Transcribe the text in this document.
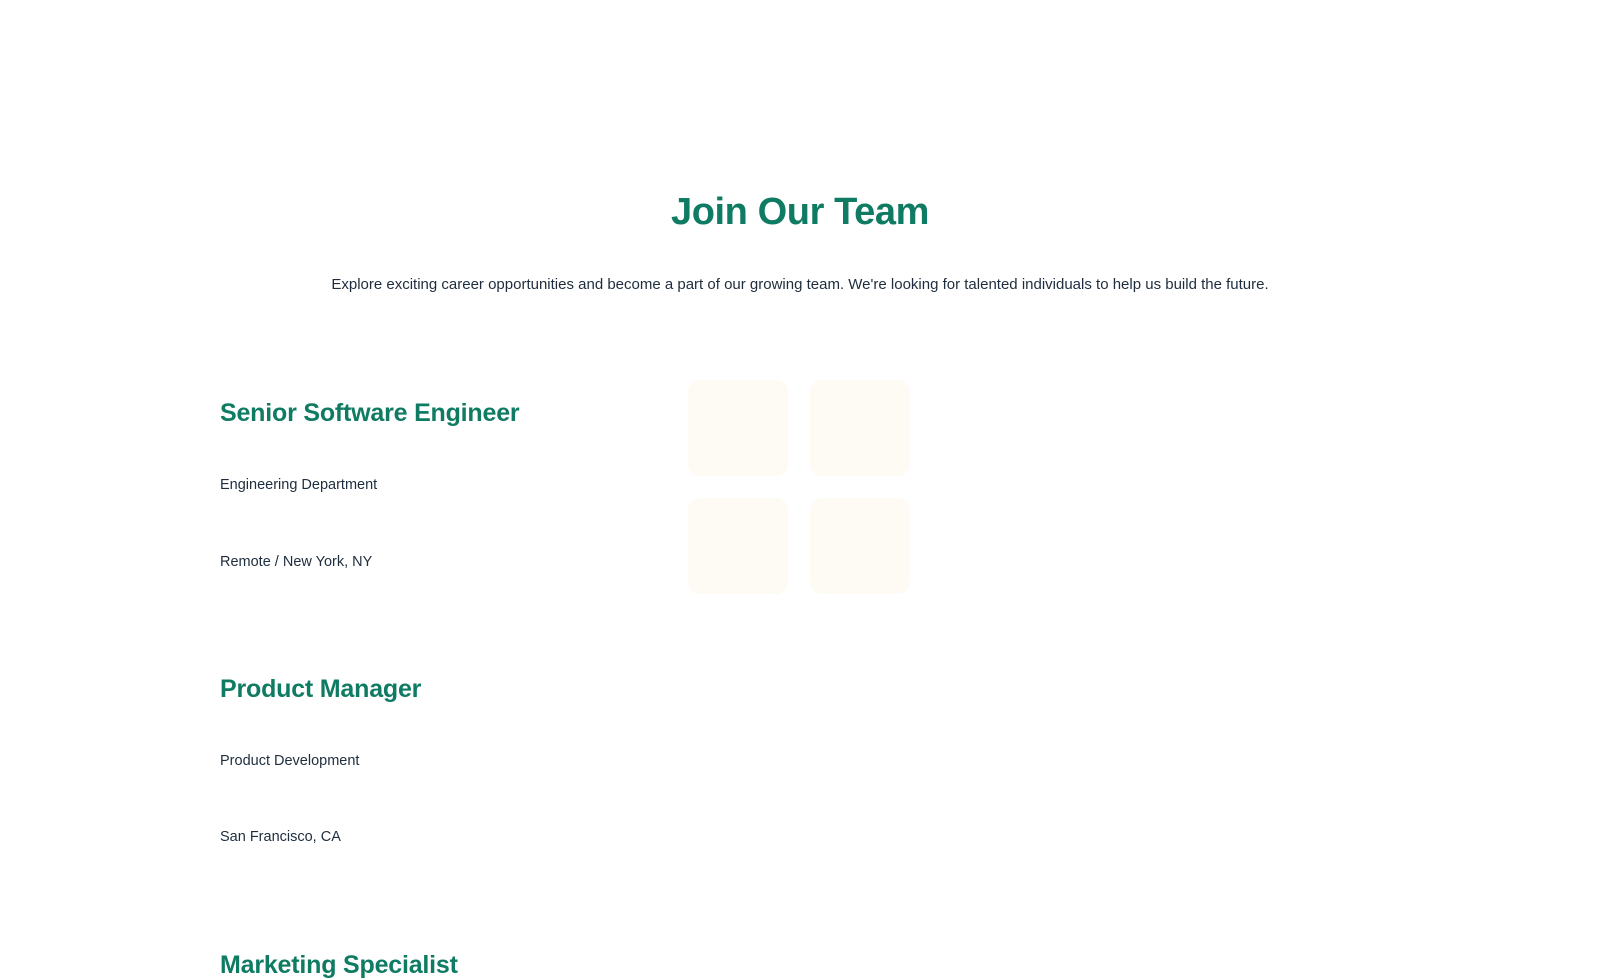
Join Our Team

Explore exciting career opportunities and become a part of our growing team. We're looking for talented individuals to help us build the future.

Senior Software Engineer

Engineering Department

Remote / New York, NY

Product Manager

Product Development

San Francisco, CA

Marketing Specialist
